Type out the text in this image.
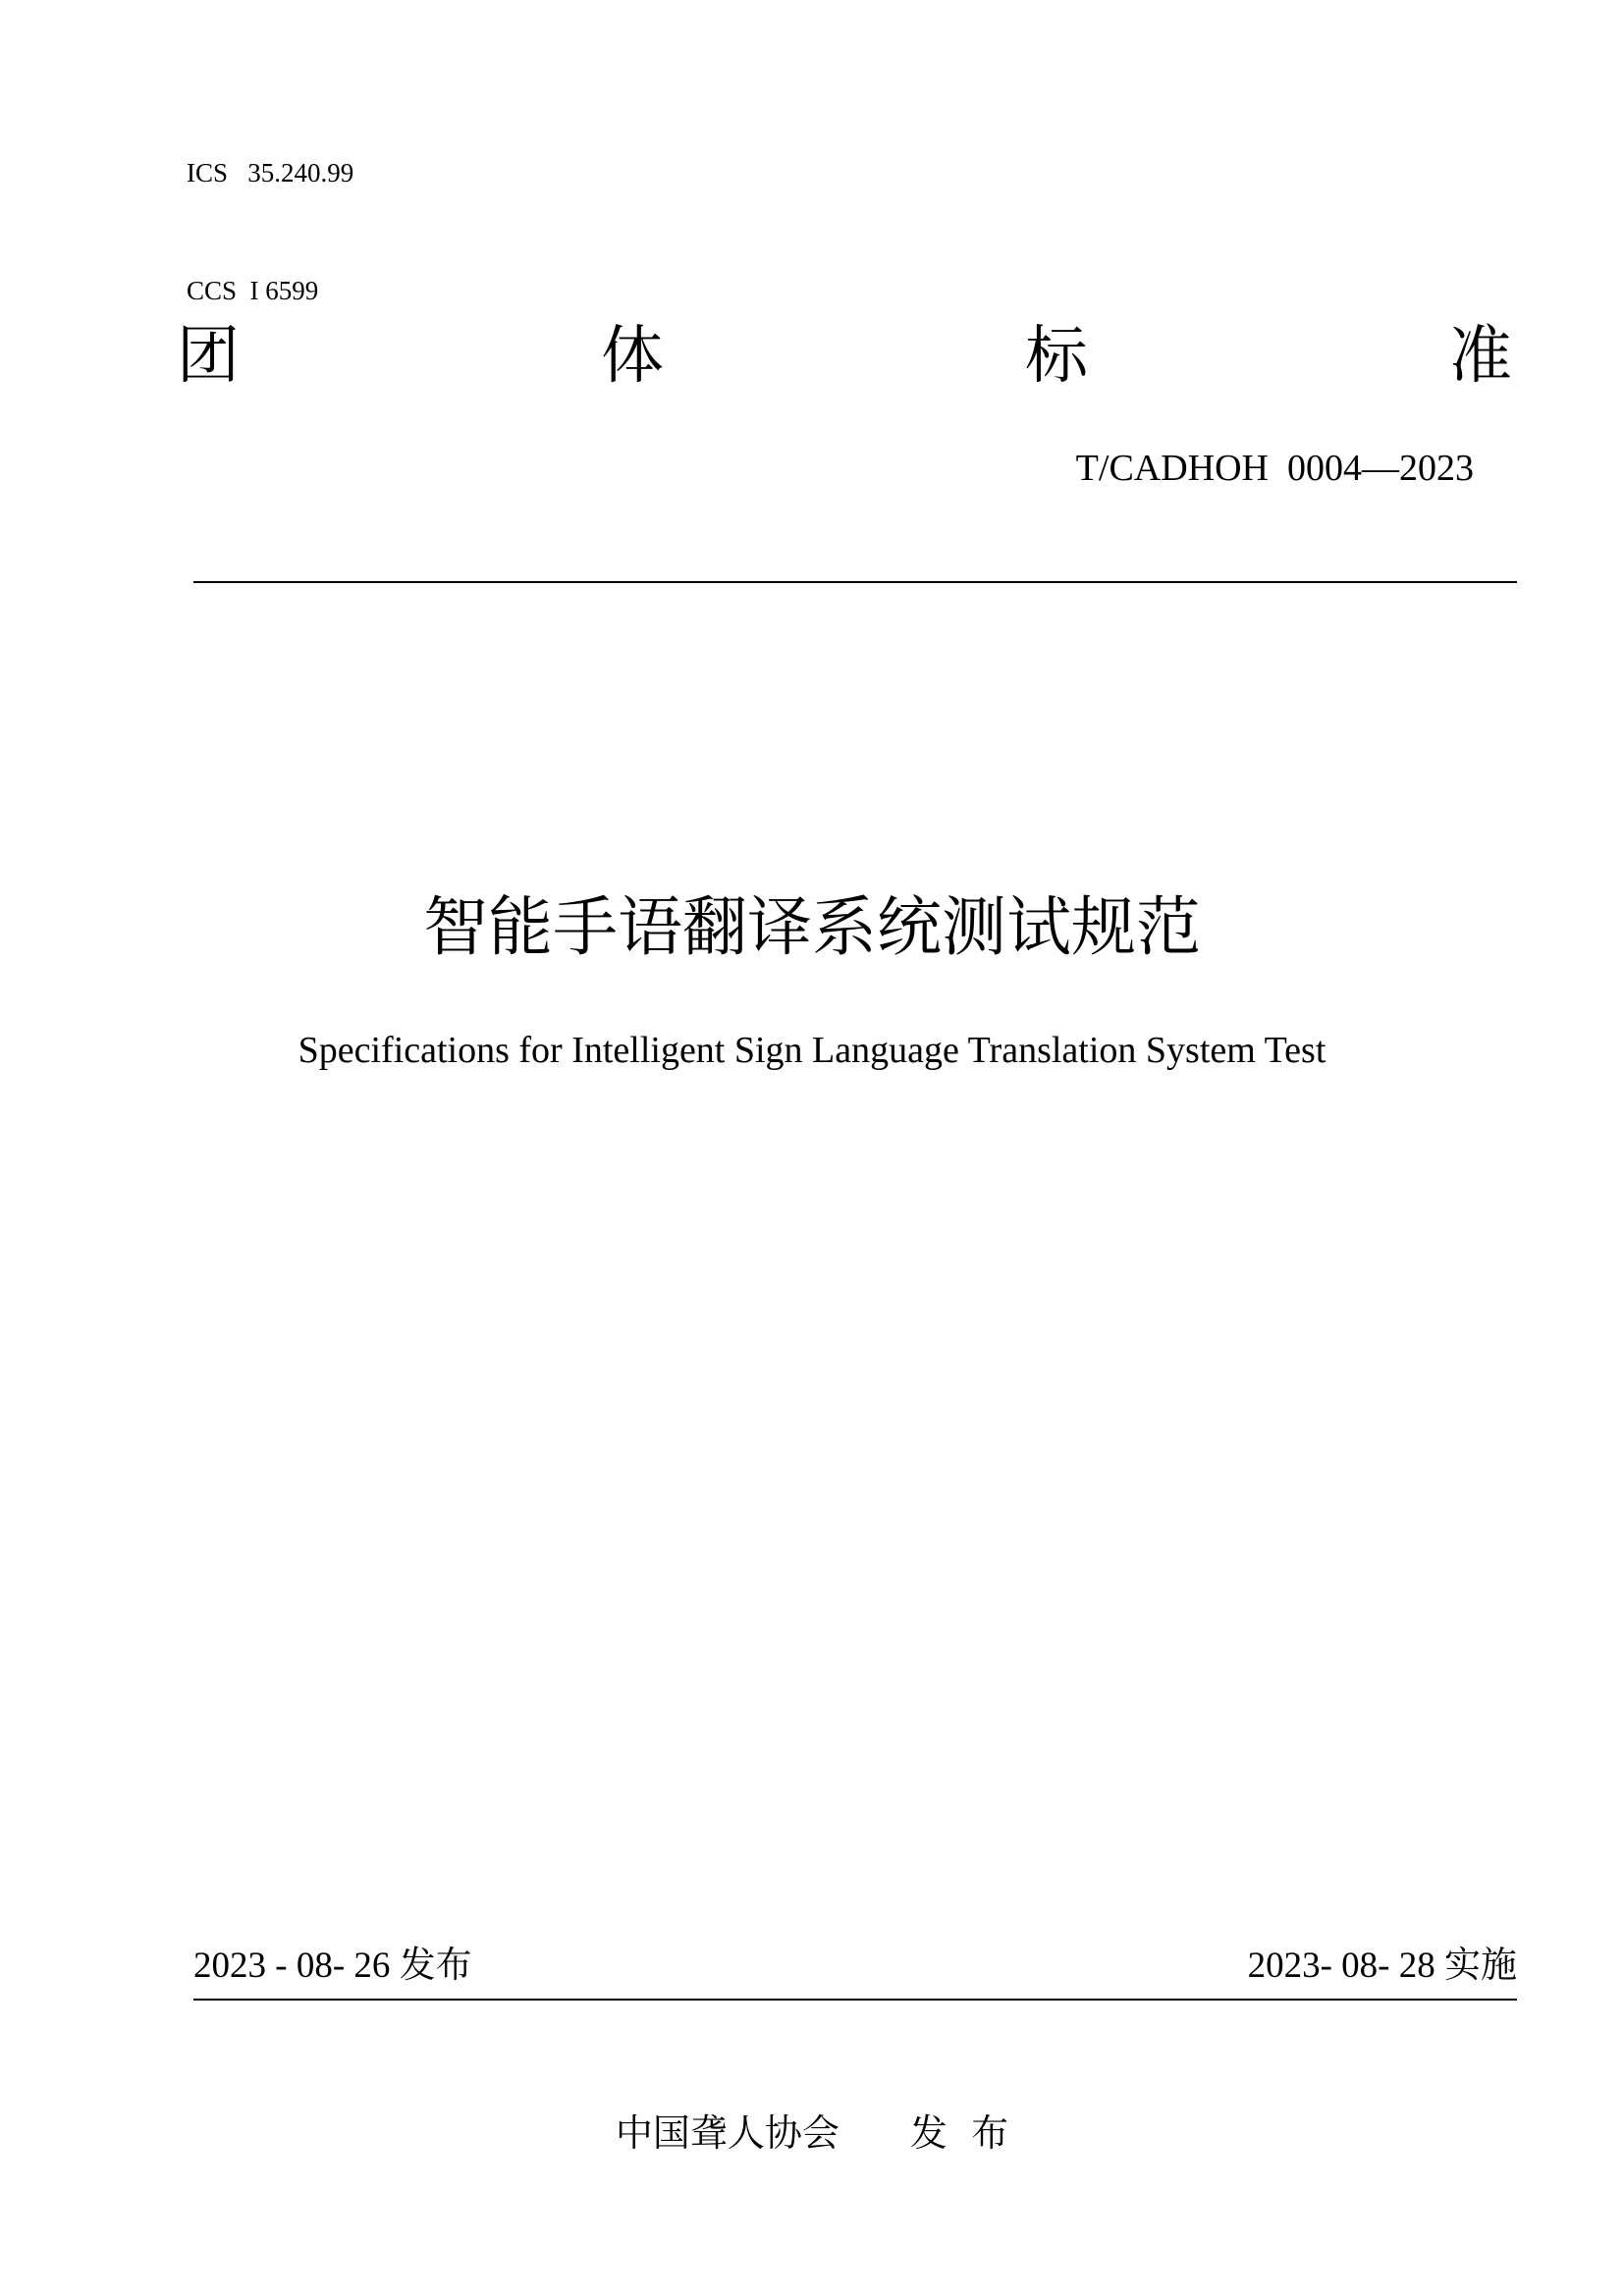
ICS   35.240.99

CCS  I 6599

团	体	标	准
T/CADHOH  0004—2023
智能手语翻译系统测试规范
Specifications for Intelligent Sign Language Translation System Test
2023 - 08- 26 发布	2023- 08- 28 实施
中国聋人协会 发  布
